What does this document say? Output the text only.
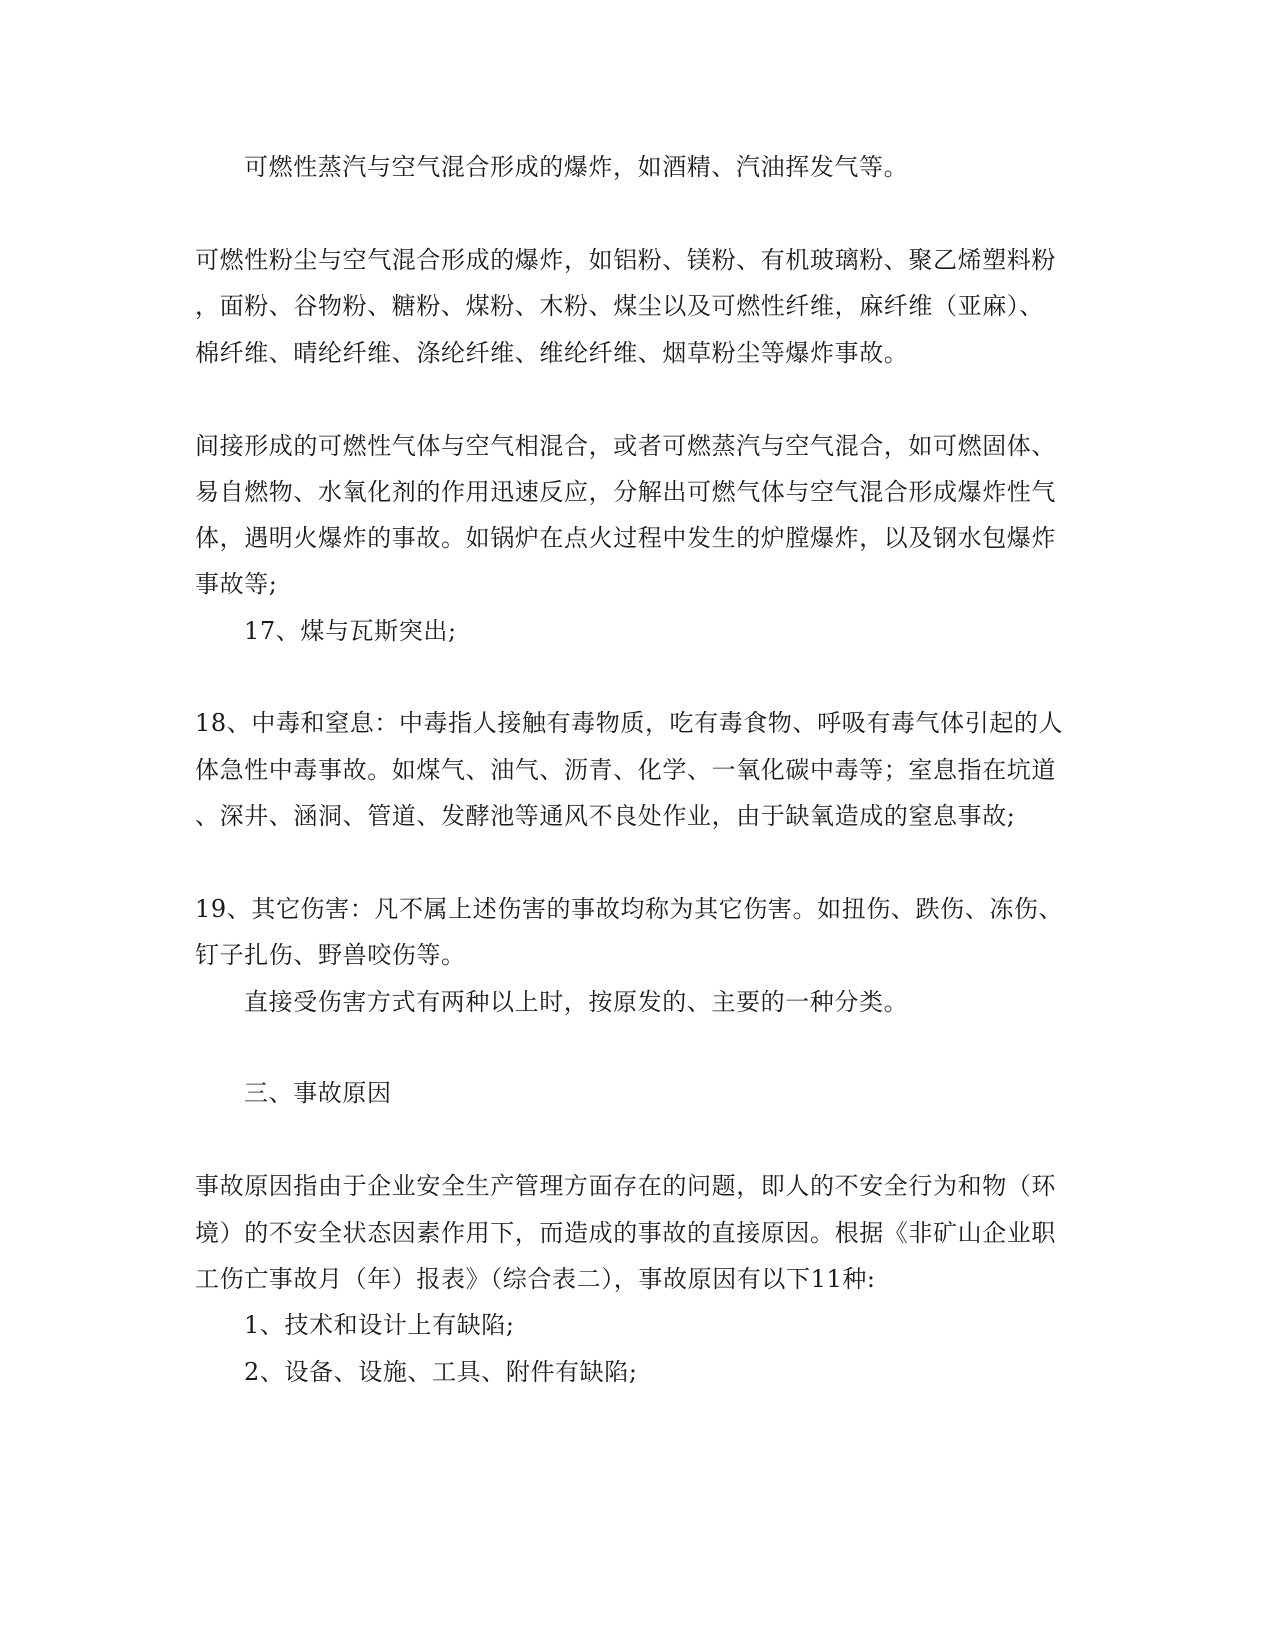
可燃性蒸汽与空气混合形成的爆炸，如酒精、汽油挥发气等。

可燃性粉尘与空气混合形成的爆炸，如铝粉、镁粉、有机玻璃粉、聚乙烯塑料粉

，面粉、谷物粉、糖粉、煤粉、木粉、煤尘以及可燃性纤维，麻纤维（亚麻）、

棉纤维、晴纶纤维、涤纶纤维、维纶纤维、烟草粉尘等爆炸事故。

间接形成的可燃性气体与空气相混合，或者可燃蒸汽与空气混合，如可燃固体、

易自燃物、水氧化剂的作用迅速反应，分解出可燃气体与空气混合形成爆炸性气

体，遇明火爆炸的事故。如锅炉在点火过程中发生的炉膛爆炸，以及钢水包爆炸

事故等;

17、煤与瓦斯突出;

18、中毒和窒息：中毒指人接触有毒物质，吃有毒食物、呼吸有毒气体引起的人

体急性中毒事故。如煤气、油气、沥青、化学、一氧化碳中毒等；室息指在坑道

、深井、涵洞、管道、发酵池等通风不良处作业，由于缺氧造成的窒息事故;

19、其它伤害：凡不属上述伤害的事故均称为其它伤害。如扭伤、跌伤、冻伤、

钉子扎伤、野兽咬伤等。

直接受伤害方式有两种以上时，按原发的、主要的一种分类。

三、事故原因

事故原因指由于企业安全生产管理方面存在的问题，即人的不安全行为和物（环

境）的不安全状态因素作用下，而造成的事故的直接原因。根据《非矿山企业职

工伤亡事故月（年）报表》（综合表二），事故原因有以下11种:

1、技术和设计上有缺陷;

2、设备、设施、工具、附件有缺陷;
